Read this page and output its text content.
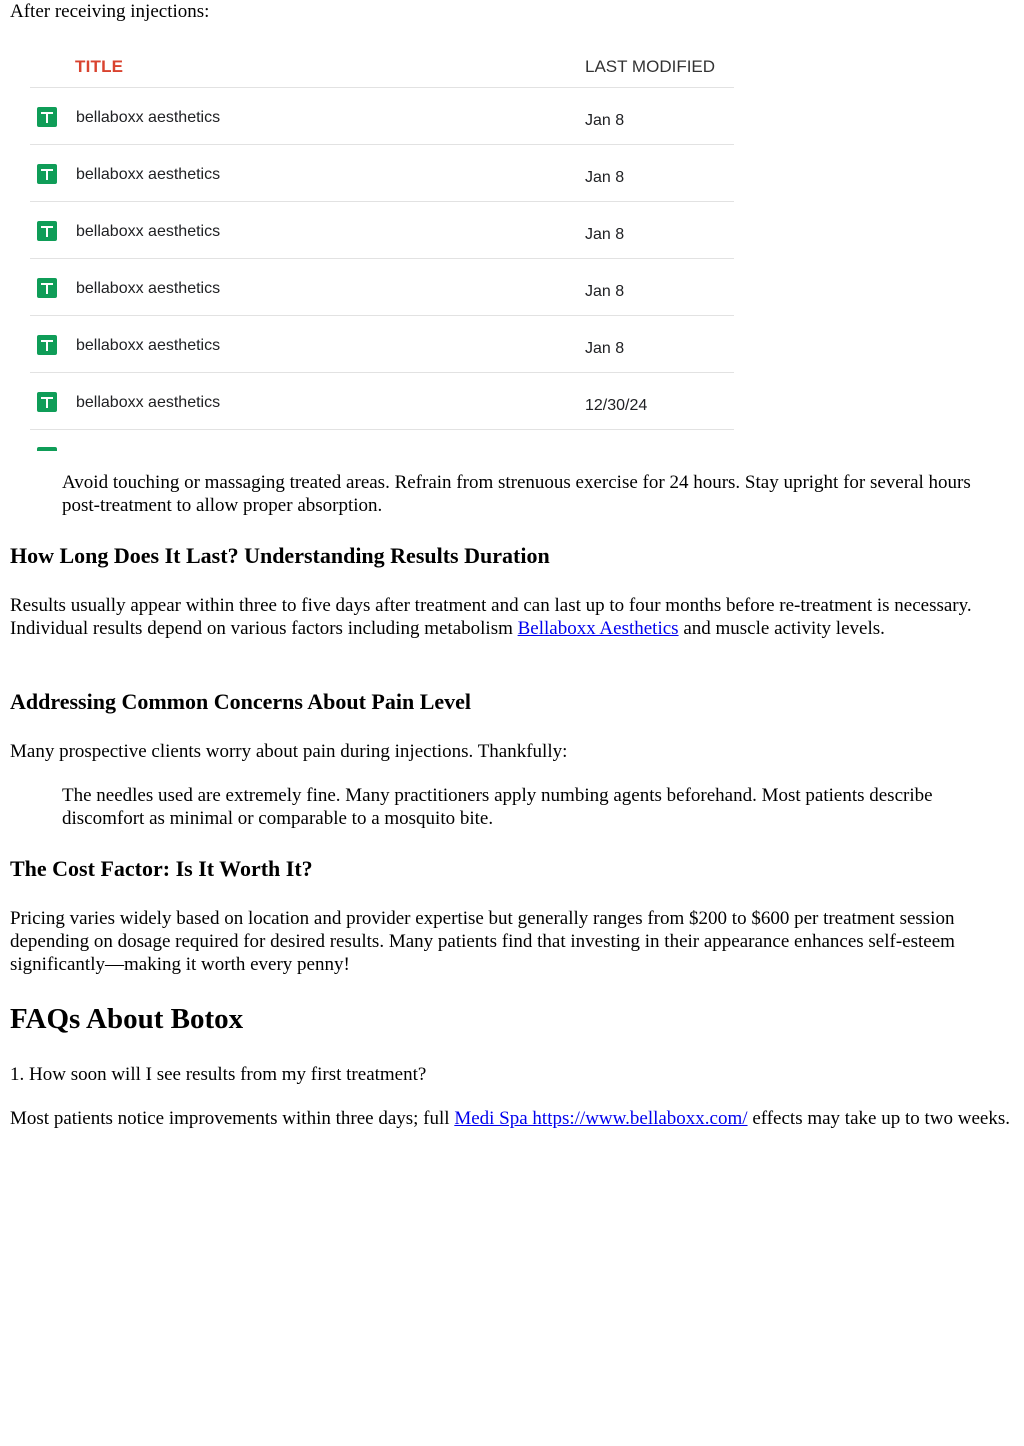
After receiving injections:

TITLE	LAST MODIFIED
bellaboxx aesthetics	Jan 8
bellaboxx aesthetics	Jan 8
bellaboxx aesthetics	Jan 8
bellaboxx aesthetics	Jan 8
bellaboxx aesthetics	Jan 8
bellaboxx aesthetics	12/30/24

Avoid touching or massaging treated areas. Refrain from strenuous exercise for 24 hours. Stay upright for several hours post-treatment to allow proper absorption.

How Long Does It Last? Understanding Results Duration

Results usually appear within three to five days after treatment and can last up to four months before re-treatment is necessary. Individual results depend on various factors including metabolism Bellaboxx Aesthetics and muscle activity levels.

Addressing Common Concerns About Pain Level

Many prospective clients worry about pain during injections. Thankfully:

The needles used are extremely fine. Many practitioners apply numbing agents beforehand. Most patients describe discomfort as minimal or comparable to a mosquito bite.

The Cost Factor: Is It Worth It?

Pricing varies widely based on location and provider expertise but generally ranges from $200 to $600 per treatment session depending on dosage required for desired results. Many patients find that investing in their appearance enhances self-esteem significantly—making it worth every penny!

FAQs About Botox

1. How soon will I see results from my first treatment?

Most patients notice improvements within three days; full Medi Spa https://www.bellaboxx.com/ effects may take up to two weeks.
